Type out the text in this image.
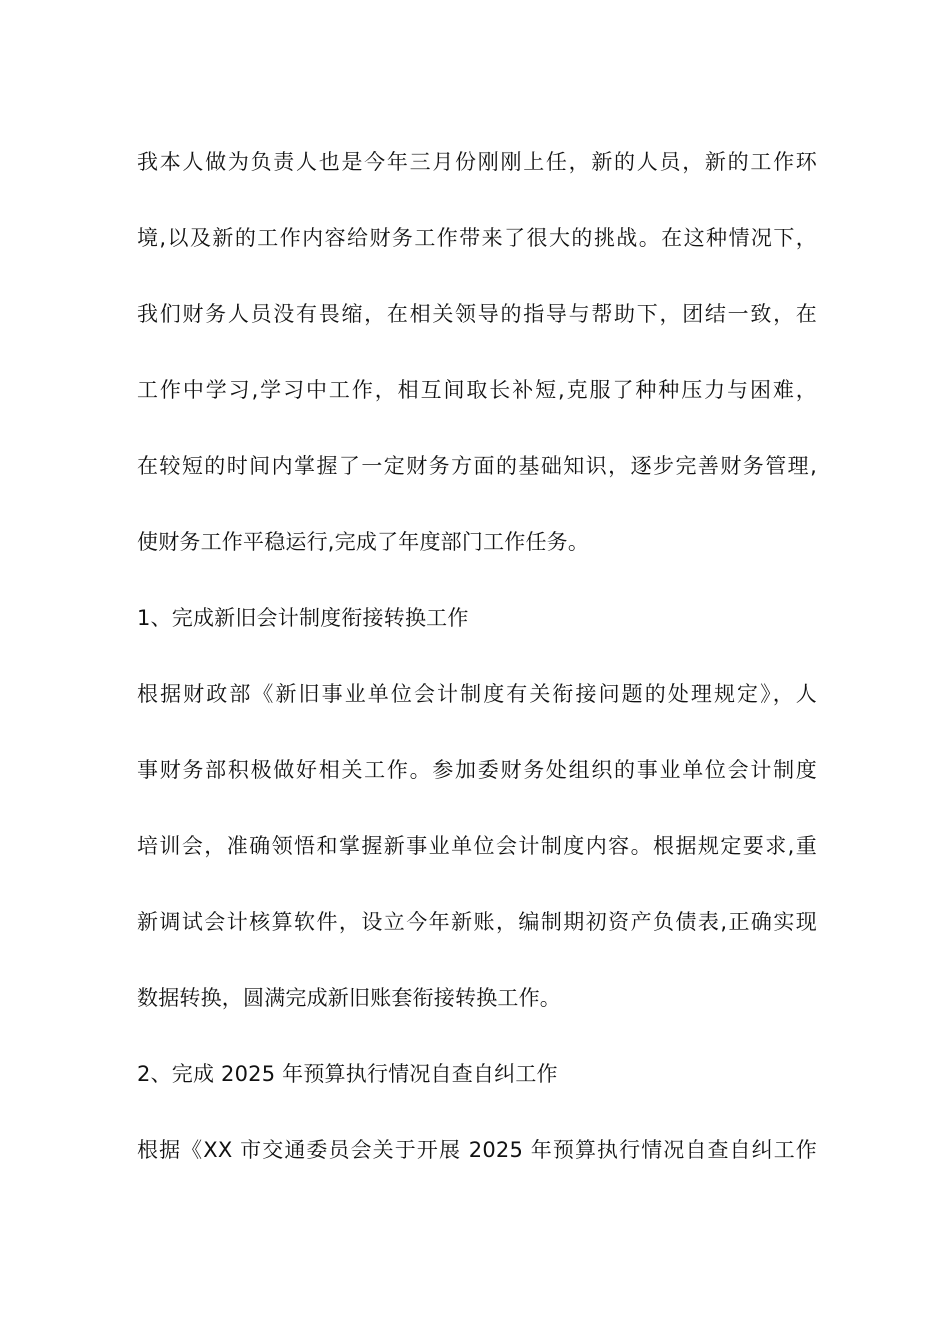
我本人做为负责人也是今年三月份刚刚上任，新的人员，新的工作环
境,以及新的工作内容给财务工作带来了很大的挑战。在这种情况下，
我们财务人员没有畏缩，在相关领导的指导与帮助下，团结一致，在
工作中学习,学习中工作，相互间取长补短,克服了种种压力与困难，
在较短的时间内掌握了一定财务方面的基础知识，逐步完善财务管理,
使财务工作平稳运行,完成了年度部门工作任务。
1、完成新旧会计制度衔接转换工作
根据财政部《新旧事业单位会计制度有关衔接问题的处理规定》，人
事财务部积极做好相关工作。参加委财务处组织的事业单位会计制度
培训会，准确领悟和掌握新事业单位会计制度内容。根据规定要求,重
新调试会计核算软件，设立今年新账，编制期初资产负债表,正确实现
数据转换，圆满完成新旧账套衔接转换工作。
2、完成 2025 年预算执行情况自查自纠工作
根据《XX 市交通委员会关于开展 2025 年预算执行情况自查自纠工作
